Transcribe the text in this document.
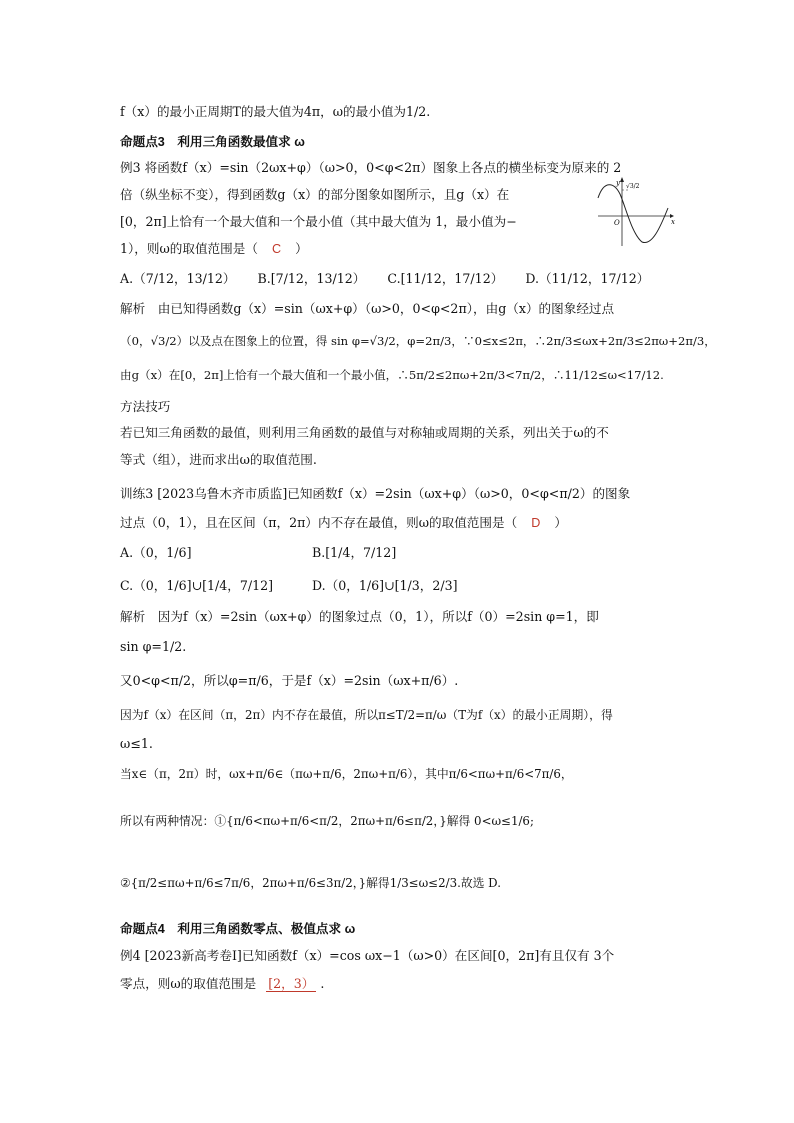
f（x）的最小正周期T的最大值为4π，ω的最小值为1/2.
命题点3　利用三角函数最值求 ω
例3 将函数f（x）=sin（2ωx+φ）（ω>0，0<φ<2π）图象上各点的横坐标变为原来的 2
倍（纵坐标不变），得到函数g（x）的部分图象如图所示，且g（x）在
[0，2π]上恰有一个最大值和一个最小值（其中最大值为 1，最小值为−
1），则ω的取值范围是（ C ）
A.（7/12，13/12） B.[7/12，13/12） C.[11/12，17/12） D.（11/12，17/12）
解析　由已知得函数g（x）=sin（ωx+φ）（ω>0，0<φ<2π），由g（x）的图象经过点
（0，√3/2）以及点在图象上的位置，得 sin φ=√3/2，φ=2π/3，∵0≤x≤2π，∴2π/3≤ωx+2π/3≤2πω+2π/3，
由g（x）在[0，2π]上恰有一个最大值和一个最小值，∴5π/2≤2πω+2π/3<7π/2，∴11/12≤ω<17/12.
方法技巧
若已知三角函数的最值，则利用三角函数的最值与对称轴或周期的关系，列出关于ω的不
等式（组），进而求出ω的取值范围.
训练3 [2023乌鲁木齐市质监]已知函数f（x）=2sin（ωx+φ）（ω>0，0<φ<π/2）的图象
过点（0，1），且在区间（π，2π）内不存在最值，则ω的取值范围是（ D ）
A.（0，1/6]	B.[1/4，7/12]
C.（0，1/6]∪[1/4，7/12]	D.（0，1/6]∪[1/3，2/3]
解析　因为f（x）=2sin（ωx+φ）的图象过点（0，1），所以f（0）=2sin φ=1，即
sin φ=1/2.
又0<φ<π/2，所以φ=π/6，于是f（x）=2sin（ωx+π/6）.
因为f（x）在区间（π，2π）内不存在最值，所以π≤T/2=π/ω（T为f（x）的最小正周期），得
ω≤1.
当x∈（π，2π）时，ωx+π/6∈（πω+π/6，2πω+π/6），其中π/6<πω+π/6<7π/6，
所以有两种情况：①{π/6<πω+π/6<π/2，2πω+π/6≤π/2，}解得 0<ω≤1/6;
②{π/2≤πω+π/6≤7π/6，2πω+π/6≤3π/2，}解得1/3≤ω≤2/3.故选 D.
命题点4　利用三角函数零点、极值点求 ω
例4 [2023新高考卷Ⅰ]已知函数f（x）=cos ωx−1（ω>0）在区间[0，2π]有且仅有 3个
零点，则ω的取值范围是 [2，3） .
y
x
O
√3/2
